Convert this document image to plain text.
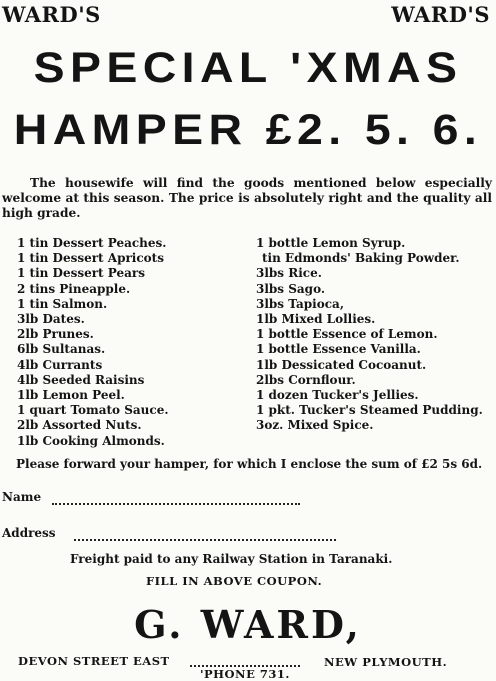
WARD'S	WARD'S
SPECIAL 'XMAS
HAMPER £2. 5. 6.
The housewife will find the goods mentioned below especially welcome at this season. The price is absolutely right and the quality all high grade.
1 tin Dessert Peaches.
1 tin Dessert Apricots
1 tin Dessert Pears
2 tins Pineapple.
1 tin Salmon.
3lb Dates.
2lb Prunes.
6lb Sultanas.
4lb Currants
4lb Seeded Raisins
1lb Lemon Peel.
1 quart Tomato Sauce.
2lb Assorted Nuts.
1lb Cooking Almonds.
1 bottle Lemon Syrup.
tin Edmonds' Baking Powder.
3lbs Rice.
3lbs Sago.
3lbs Tapioca,
1lb Mixed Lollies.
1 bottle Essence of Lemon.
1 bottle Essence Vanilla.
1lb Dessicated Cocoanut.
2lbs Cornflour.
1 dozen Tucker's Jellies.
1 pkt. Tucker's Steamed Pudding.
3oz. Mixed Spice.
Please forward your hamper, for which I enclose the sum of £2 5s 6d.
Name
Address
Freight paid to any Railway Station in Taranaki.
FILL IN ABOVE COUPON.
G. WARD,
DEVON STREET EAST	NEW PLYMOUTH.
'PHONE 731.
